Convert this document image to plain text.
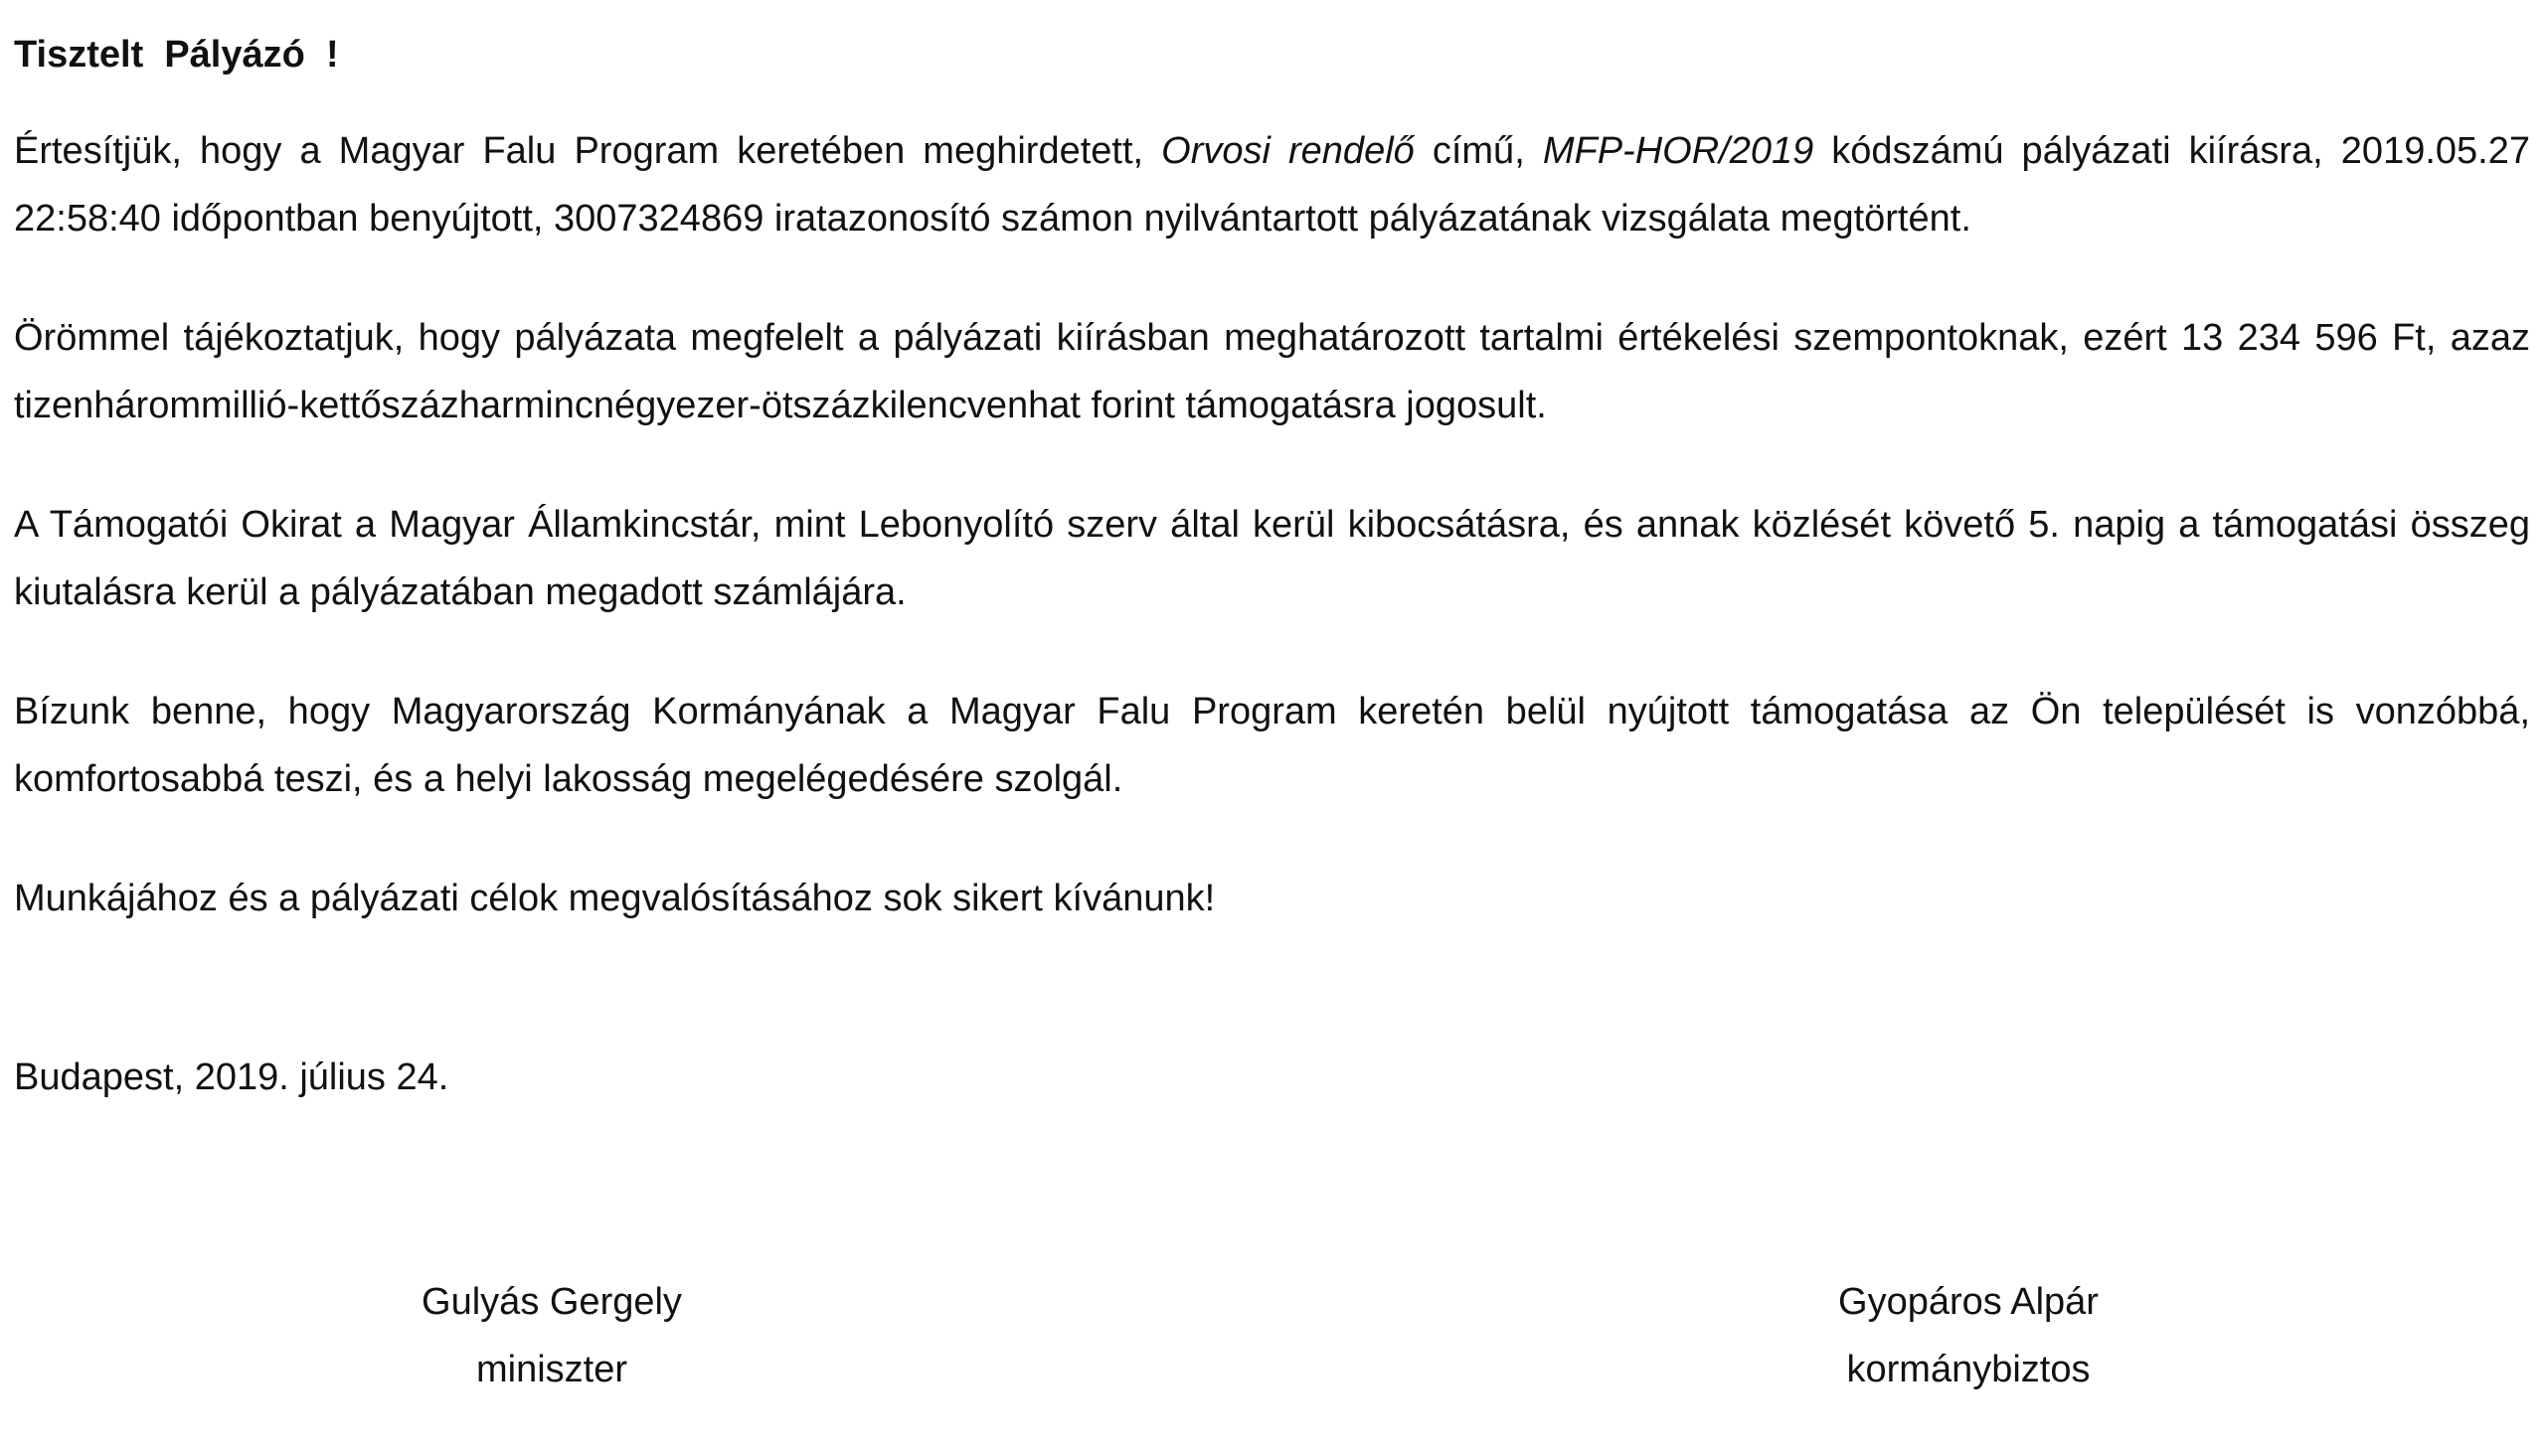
Tisztelt  Pályázó  !

Értesítjük, hogy a Magyar Falu Program keretében meghirdetett, Orvosi rendelő című, MFP-HOR/2019 kódszámú pályázati kiírásra, 2019.05.27 22:58:40 időpontban benyújtott, 3007324869 iratazonosító számon nyilvántartott pályázatának vizsgálata megtörtént.

Örömmel tájékoztatjuk, hogy pályázata megfelelt a pályázati kiírásban meghatározott tartalmi értékelési szempontoknak, ezért 13 234 596 Ft, azaz tizenhárommillió-kettőszázharmincnégyezer-ötszázkilencvenhat forint támogatásra jogosult.

A Támogatói Okirat a Magyar Államkincstár, mint Lebonyolító szerv által kerül kibocsátásra, és annak közlését követő 5. napig a támogatási összeg kiutalásra kerül a pályázatában megadott számlájára.

Bízunk benne, hogy Magyarország Kormányának a Magyar Falu Program keretén belül nyújtott támogatása az Ön települését is vonzóbbá, komfortosabbá teszi, és a helyi lakosság megelégedésére szolgál.

Munkájához és a pályázati célok megvalósításához sok sikert kívánunk!

Budapest, 2019. július 24.

Gulyás Gergely
miniszter
Gyopáros Alpár
kormánybiztos
